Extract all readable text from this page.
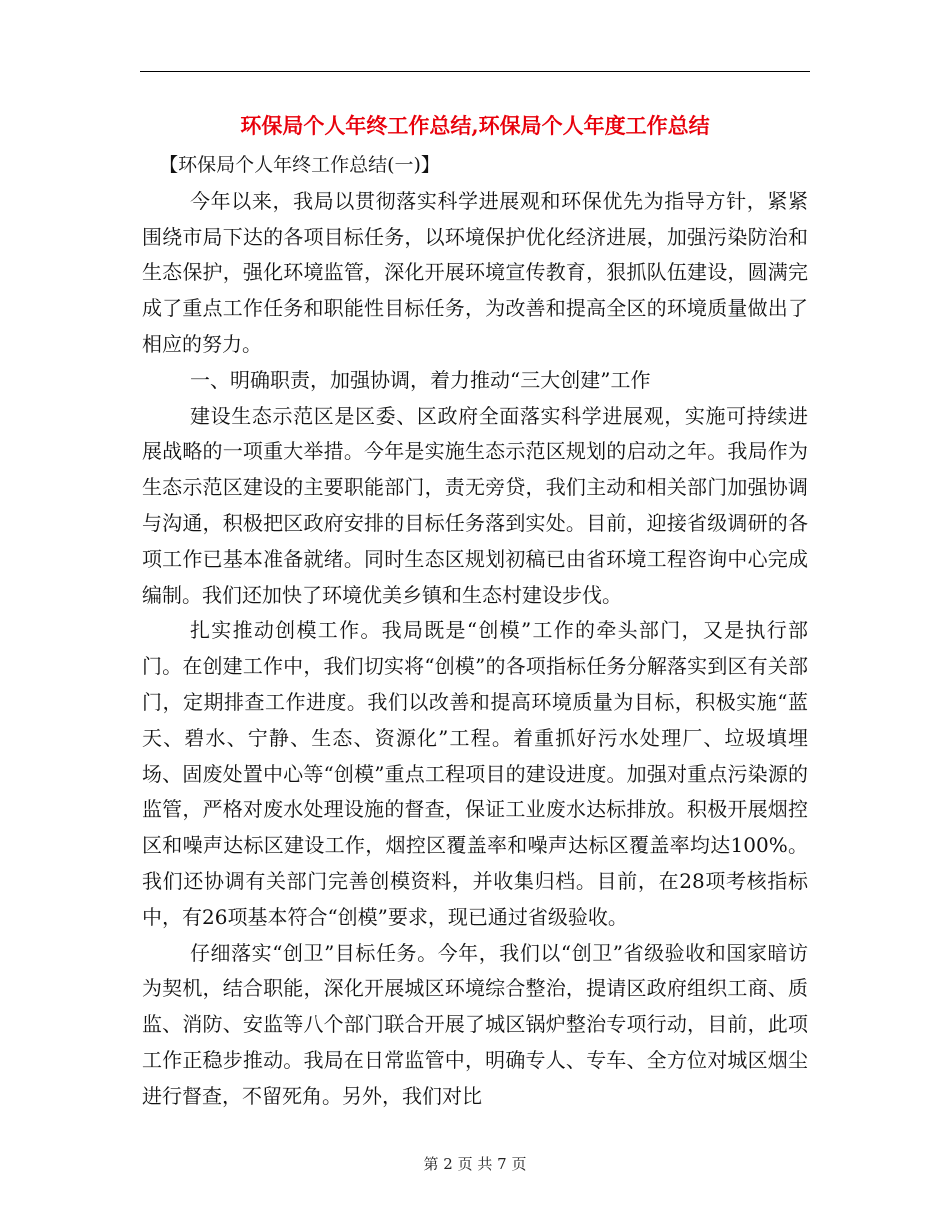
环保局个人年终工作总结,环保局个人年度工作总结

【环保局个人年终工作总结(一)】

今年以来，我局以贯彻落实科学进展观和环保优先为指导方针，紧紧围绕市局下达的各项目标任务，以环境保护优化经济进展，加强污染防治和生态保护，强化环境监管，深化开展环境宣传教育，狠抓队伍建设，圆满完成了重点工作任务和职能性目标任务，为改善和提高全区的环境质量做出了相应的努力。

一、明确职责，加强协调，着力推动“三大创建”工作

建设生态示范区是区委、区政府全面落实科学进展观，实施可持续进展战略的一项重大举措。今年是实施生态示范区规划的启动之年。我局作为生态示范区建设的主要职能部门，责无旁贷，我们主动和相关部门加强协调与沟通，积极把区政府安排的目标任务落到实处。目前，迎接省级调研的各项工作已基本准备就绪。同时生态区规划初稿已由省环境工程咨询中心完成编制。我们还加快了环境优美乡镇和生态村建设步伐。

扎实推动创模工作。我局既是“创模”工作的牵头部门，又是执行部门。在创建工作中，我们切实将“创模”的各项指标任务分解落实到区有关部门，定期排查工作进度。我们以改善和提高环境质量为目标，积极实施“蓝天、碧水、宁静、生态、资源化”工程。着重抓好污水处理厂、垃圾填埋场、固废处置中心等“创模”重点工程项目的建设进度。加强对重点污染源的监管，严格对废水处理设施的督查，保证工业废水达标排放。积极开展烟控区和噪声达标区建设工作，烟控区覆盖率和噪声达标区覆盖率均达100%。我们还协调有关部门完善创模资料，并收集归档。目前，在28项考核指标中，有26项基本符合“创模”要求，现已通过省级验收。

仔细落实“创卫”目标任务。今年，我们以“创卫”省级验收和国家暗访为契机，结合职能，深化开展城区环境综合整治，提请区政府组织工商、质监、消防、安监等八个部门联合开展了城区锅炉整治专项行动，目前，此项工作正稳步推动。我局在日常监管中，明确专人、专车、全方位对城区烟尘进行督查，不留死角。另外，我们对比

第 2 页 共 7 页
